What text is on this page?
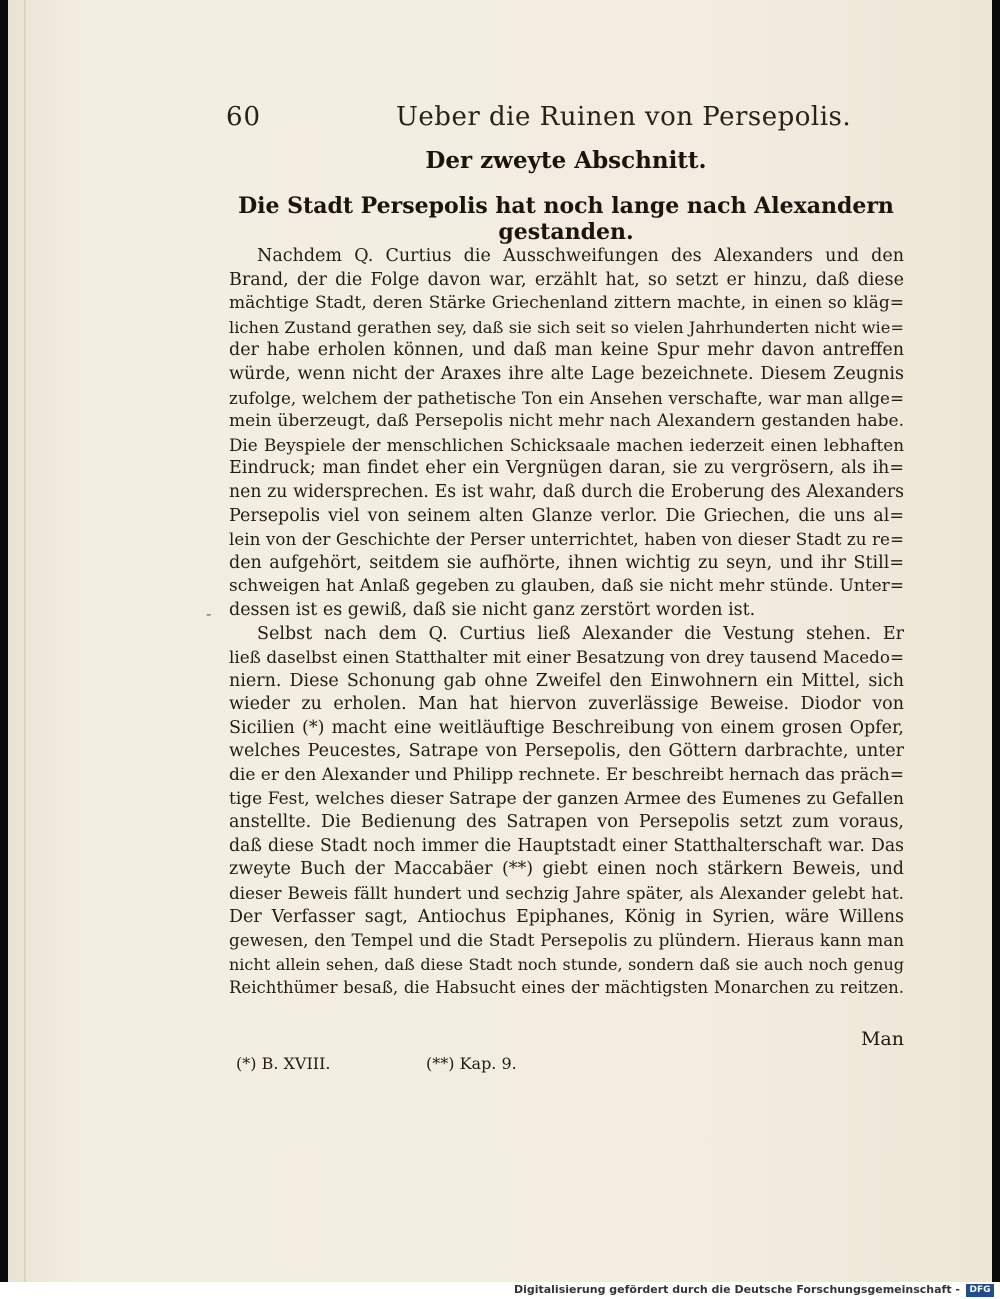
60	Ueber die Ruinen von Persepolis.
Der zweyte Abschnitt.
Die Stadt Persepolis hat noch lange nach Alexandern gestanden.
-
Nachdem Q. Curtius die Ausschweifungen des Alexanders und den
Brand, der die Folge davon war, erzählt hat, so setzt er hinzu, daß diese
mächtige Stadt, deren Stärke Griechenland zittern machte, in einen so kläg=
lichen Zustand gerathen sey, daß sie sich seit so vielen Jahrhunderten nicht wie=
der habe erholen können, und daß man keine Spur mehr davon antreffen
würde, wenn nicht der Araxes ihre alte Lage bezeichnete. Diesem Zeugnis
zufolge, welchem der pathetische Ton ein Ansehen verschafte, war man allge=
mein überzeugt, daß Persepolis nicht mehr nach Alexandern gestanden habe.
Die Beyspiele der menschlichen Schicksaale machen iederzeit einen lebhaften
Eindruck; man findet eher ein Vergnügen daran, sie zu vergrösern, als ih=
nen zu widersprechen. Es ist wahr, daß durch die Eroberung des Alexanders
Persepolis viel von seinem alten Glanze verlor. Die Griechen, die uns al=
lein von der Geschichte der Perser unterrichtet, haben von dieser Stadt zu re=
den aufgehört, seitdem sie aufhörte, ihnen wichtig zu seyn, und ihr Still=
schweigen hat Anlaß gegeben zu glauben, daß sie nicht mehr stünde. Unter=
dessen ist es gewiß, daß sie nicht ganz zerstört worden ist.
Selbst nach dem Q. Curtius ließ Alexander die Vestung stehen. Er
ließ daselbst einen Statthalter mit einer Besatzung von drey tausend Macedo=
niern. Diese Schonung gab ohne Zweifel den Einwohnern ein Mittel, sich
wieder zu erholen. Man hat hiervon zuverlässige Beweise. Diodor von
Sicilien (*) macht eine weitläuftige Beschreibung von einem grosen Opfer,
welches Peucestes, Satrape von Persepolis, den Göttern darbrachte, unter
die er den Alexander und Philipp rechnete. Er beschreibt hernach das präch=
tige Fest, welches dieser Satrape der ganzen Armee des Eumenes zu Gefallen
anstellte. Die Bedienung des Satrapen von Persepolis setzt zum voraus,
daß diese Stadt noch immer die Hauptstadt einer Statthalterschaft war. Das
zweyte Buch der Maccabäer (**) giebt einen noch stärkern Beweis, und
dieser Beweis fällt hundert und sechzig Jahre später, als Alexander gelebt hat.
Der Verfasser sagt, Antiochus Epiphanes, König in Syrien, wäre Willens
gewesen, den Tempel und die Stadt Persepolis zu plündern. Hieraus kann man
nicht allein sehen, daß diese Stadt noch stunde, sondern daß sie auch noch genug
Reichthümer besaß, die Habsucht eines der mächtigsten Monarchen zu reitzen.
Man
(*) B. XVIII.	(**) Kap. 9.
Digitalisierung gefördert durch die Deutsche Forschungsgemeinschaft -	DFG
